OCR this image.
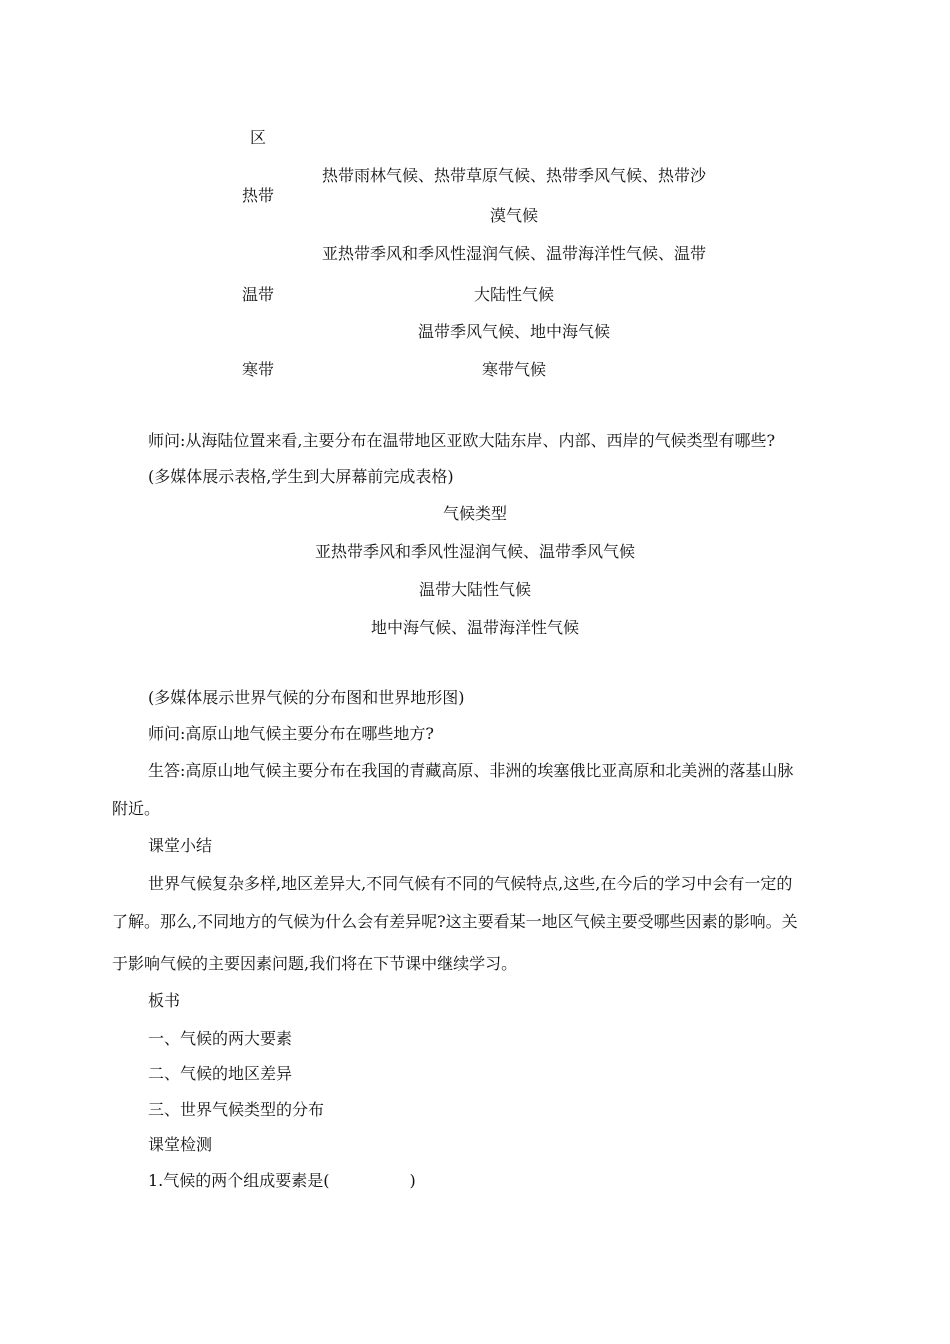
区
热带
热带雨林气候、热带草原气候、热带季风气候、热带沙
漠气候
亚热带季风和季风性湿润气候、温带海洋性气候、温带
温带	大陆性气候
温带季风气候、地中海气候
寒带	寒带气候
师问:从海陆位置来看,主要分布在温带地区亚欧大陆东岸、内部、西岸的气候类型有哪些?
(多媒体展示表格,学生到大屏幕前完成表格)
气候类型
亚热带季风和季风性湿润气候、温带季风气候
温带大陆性气候
地中海气候、温带海洋性气候
(多媒体展示世界气候的分布图和世界地形图)
师问:高原山地气候主要分布在哪些地方?
生答:高原山地气候主要分布在我国的青藏高原、非洲的埃塞俄比亚高原和北美洲的落基山脉
附近。
课堂小结
世界气候复杂多样,地区差异大,不同气候有不同的气候特点,这些,在今后的学习中会有一定的
了解。那么,不同地方的气候为什么会有差异呢?这主要看某一地区气候主要受哪些因素的影响。关
于影响气候的主要因素问题,我们将在下节课中继续学习。
板书
一、气候的两大要素
二、气候的地区差异
三、世界气候类型的分布
课堂检测
1.气候的两个组成要素是(　　　　　)
